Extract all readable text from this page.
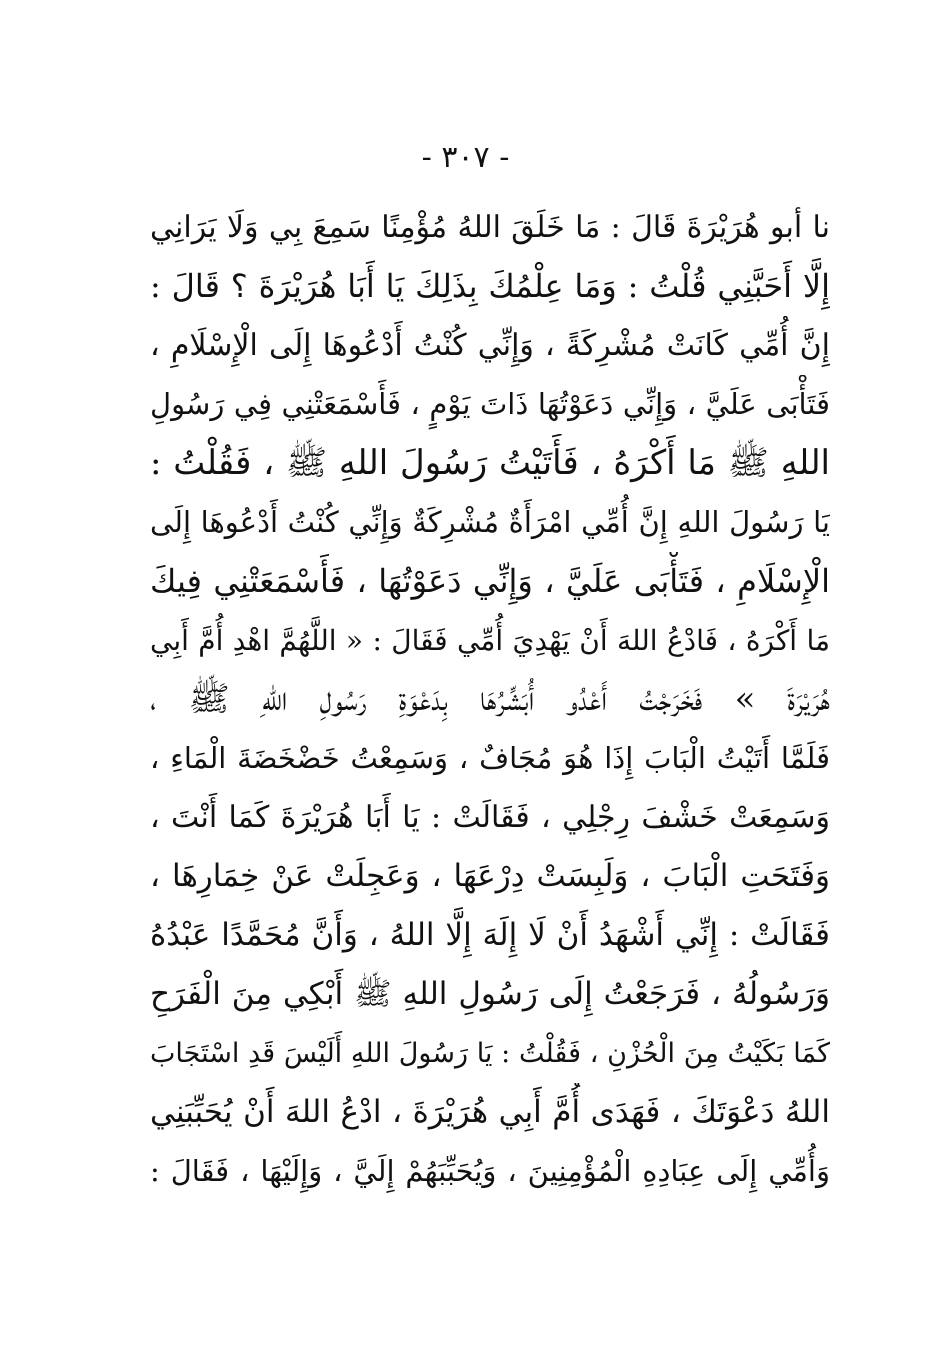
- ٣٠٧ -
نا أبو هُرَيْرَةَ قَالَ : مَا خَلَقَ اللهُ مُؤْمِنًا سَمِعَ بِي وَلَا يَرَانِي
إِلَّا أَحَبَّنِي قُلْتُ : وَمَا عِلْمُكَ بِذَلِكَ يَا أَبَا هُرَيْرَةَ ؟ قَالَ :
إِنَّ أُمِّي كَانَتْ مُشْرِكَةً ، وَإِنِّي كُنْتُ أَدْعُوهَا إِلَى الْإِسْلَامِ ،
فَتَأْبَى عَلَيَّ ، وَإِنِّي دَعَوْتُهَا ذَاتَ يَوْمٍ ، فَأَسْمَعَتْنِي فِي رَسُولِ
اللهِ ﷺ مَا أَكْرَهُ ، فَأَتَيْتُ رَسُولَ اللهِ ﷺ ، فَقُلْتُ :
يَا رَسُولَ اللهِ إِنَّ أُمِّي امْرَأَةٌ مُشْرِكَةٌ وَإِنِّي كُنْتُ أَدْعُوهَا إِلَى
الْإِسْلَامِ ، فَتَأْبَى عَلَيَّ ، وَإِنِّي دَعَوْتُهَا ، فَأَسْمَعَتْنِي فِيكَ
مَا أَكْرَهُ ، فَادْعُ اللهَ أَنْ يَهْدِيَ أُمِّي فَقَالَ : « اللَّهُمَّ اهْدِ أُمَّ أَبِي
هُرَيْرَةَ » فَخَرَجْتُ أَعْدُو أُبَشِّرُهَا بِدَعْوَةِ رَسُولِ اللهِ ﷺ ،
فَلَمَّا أَتَيْتُ الْبَابَ إِذَا هُوَ مُجَافٌ ، وَسَمِعْتُ خَضْخَضَةَ الْمَاءِ ،
وَسَمِعَتْ خَشْفَ رِجْلِي ، فَقَالَتْ : يَا أَبَا هُرَيْرَةَ كَمَا أَنْتَ ،
وَفَتَحَتِ الْبَابَ ، وَلَبِسَتْ دِرْعَهَا ، وَعَجِلَتْ عَنْ خِمَارِهَا ،
فَقَالَتْ : إِنِّي أَشْهَدُ أَنْ لَا إِلَهَ إِلَّا اللهُ ، وَأَنَّ مُحَمَّدًا عَبْدُهُ
وَرَسُولُهُ ، فَرَجَعْتُ إِلَى رَسُولِ اللهِ ﷺ أَبْكِي مِنَ الْفَرَحِ
كَمَا بَكَيْتُ مِنَ الْحُزْنِ ، فَقُلْتُ : يَا رَسُولَ اللهِ أَلَيْسَ قَدِ اسْتَجَابَ
اللهُ دَعْوَتَكَ ، فَهَدَى أُمَّ أَبِي هُرَيْرَةَ ، ادْعُ اللهَ أَنْ يُحَبِّبَنِي
وَأُمِّي إِلَى عِبَادِهِ الْمُؤْمِنِينَ ، وَيُحَبِّبَهُمْ إِلَيَّ ، وَإِلَيْهَا ، فَقَالَ :
